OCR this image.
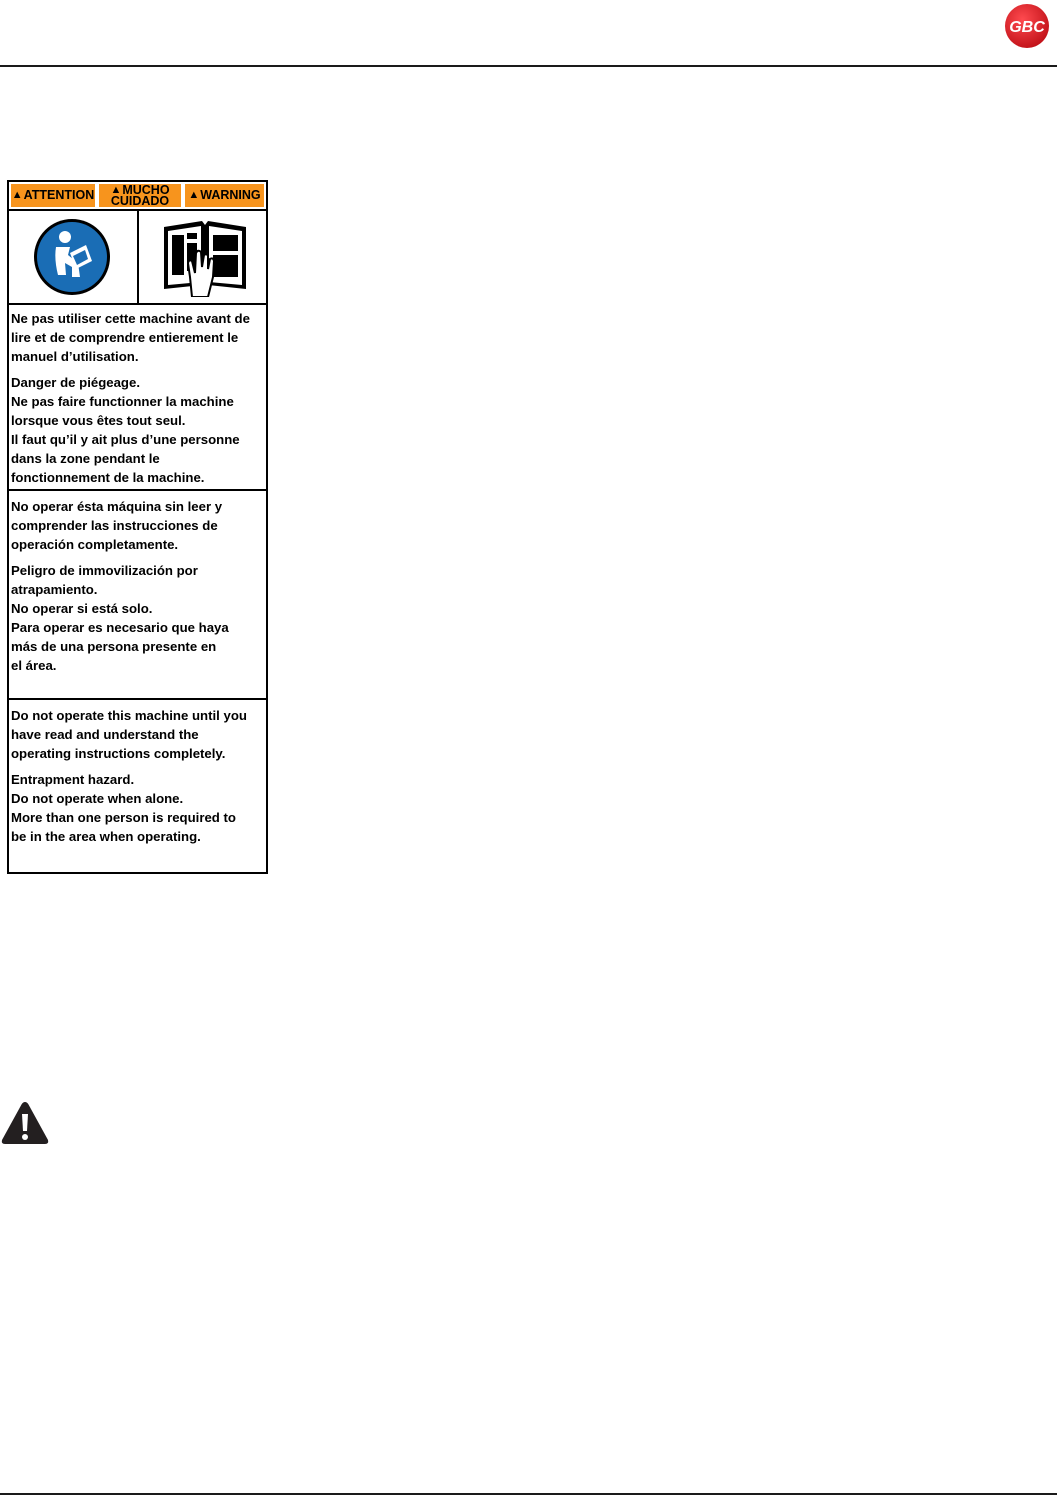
GBC
▲ ATTENTION ▲ MUCHO
CUIDADO ▲ WARNING

Ne pas utiliser cette machine avant de
lire et de comprendre entierement le
manuel d’utilisation.

Danger de piégeage.
Ne pas faire functionner la machine
lorsque vous êtes tout seul.
Il faut qu’il y ait plus d’une personne
dans la zone pendant le
fonctionnement de la machine.

No operar ésta máquina sin leer y
comprender las instrucciones de
operación completamente.

Peligro de immovilización por
atrapamiento.
No operar si está solo.
Para operar es necesario que haya
más de una persona presente en
el área.

Do not operate this machine until you
have read and understand the
operating instructions completely.

Entrapment hazard.
Do not operate when alone.
More than one person is required to
be in the area when operating.
